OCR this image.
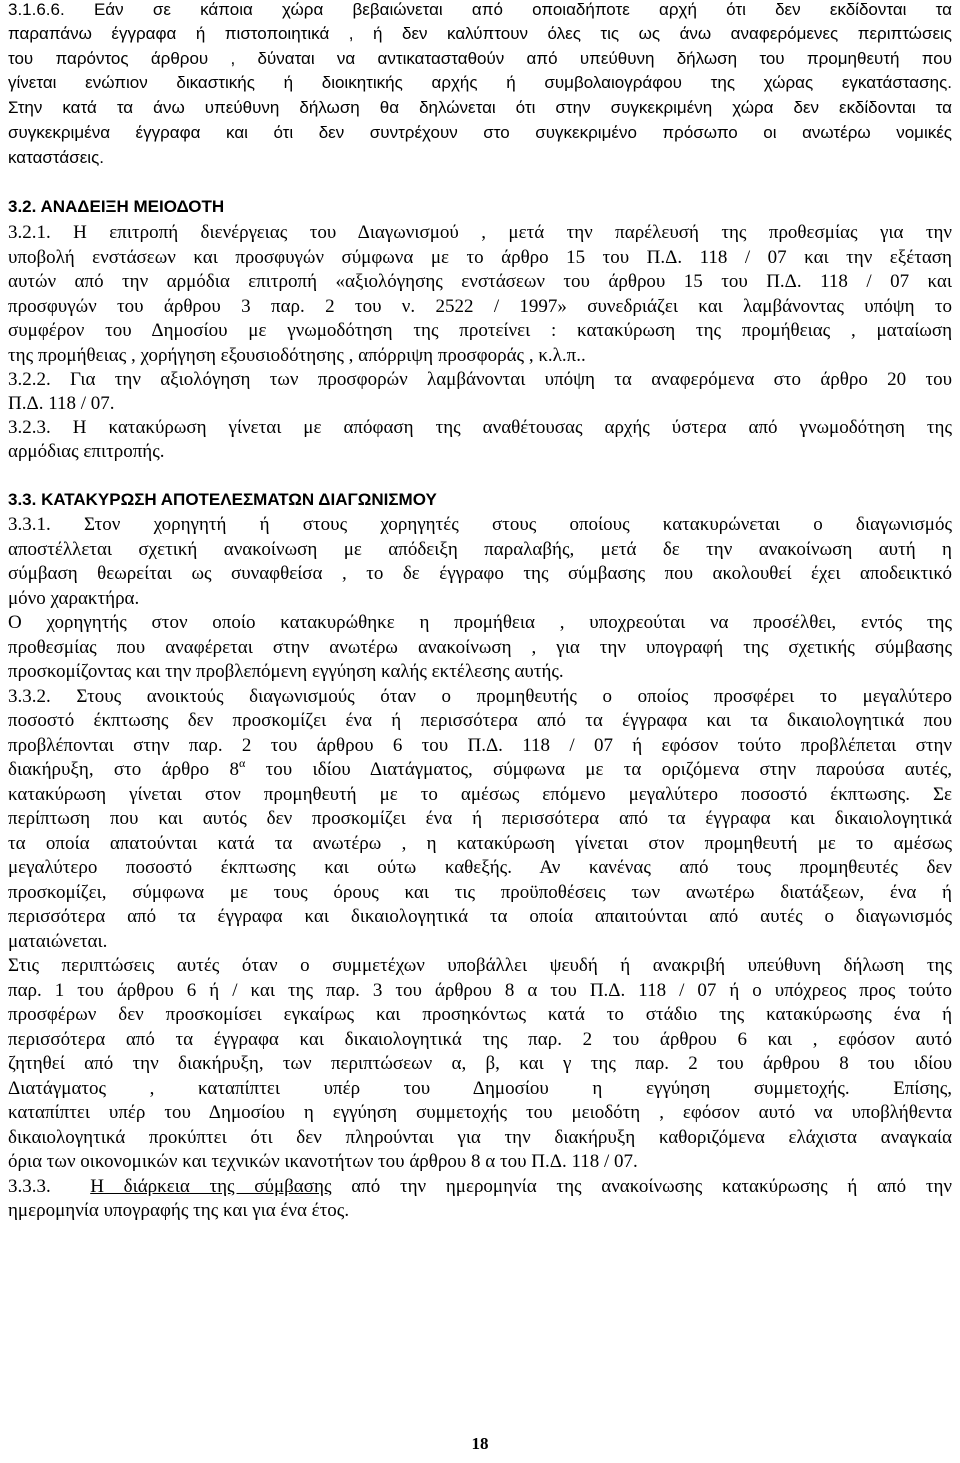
3.1.6.6. Εάν σε κάποια χώρα βεβαιώνεται από οποιαδήποτε αρχή ότι δεν εκδίδονται τα

παραπάνω έγγραφα ή πιστοποιητικά , ή δεν καλύπτουν όλες τις ως άνω αναφερόμενες περιπτώσεις

του παρόντος άρθρου , δύναται να αντικατασταθούν από υπεύθυνη δήλωση του προμηθευτή που

γίνεται ενώπιον δικαστικής ή διοικητικής αρχής ή συμβολαιογράφου της χώρας εγκατάστασης.

Στην κατά τα άνω υπεύθυνη δήλωση θα δηλώνεται ότι στην συγκεκριμένη χώρα δεν εκδίδονται τα

συγκεκριμένα έγγραφα και ότι δεν συντρέχουν στο συγκεκριμένο πρόσωπο οι ανωτέρω νομικές

καταστάσεις.

3.2. ΑΝΑΔΕΙΞΗ ΜΕΙΟΔΟΤΗ

3.2.1. Η επιτροπή διενέργειας του Διαγωνισμού , μετά την παρέλευσή της προθεσμίας για την

υποβολή ενστάσεων και προσφυγών σύμφωνα με το άρθρο 15 του Π.Δ. 118 / 07 και την εξέταση

αυτών από την αρμόδια επιτροπή «αξιολόγησης ενστάσεων του άρθρου 15 του Π.Δ. 118 / 07 και

προσφυγών του άρθρου 3 παρ. 2 του ν. 2522 / 1997» συνεδριάζει και λαμβάνοντας υπόψη το

συμφέρον του Δημοσίου με γνωμοδότηση της προτείνει : κατακύρωση της προμήθειας , ματαίωση

της προμήθειας , χορήγηση εξουσιοδότησης , απόρριψη προσφοράς , κ.λ.π..

3.2.2. Για την αξιολόγηση των προσφορών λαμβάνονται υπόψη τα αναφερόμενα στο άρθρο 20 του

Π.Δ. 118 / 07.

3.2.3. Η κατακύρωση γίνεται με απόφαση της αναθέτουσας αρχής ύστερα από γνωμοδότηση της

αρμόδιας επιτροπής.

3.3. ΚΑΤΑΚΥΡΩΣΗ ΑΠΟΤΕΛΕΣΜΑΤΩΝ ΔΙΑΓΩΝΙΣΜΟΥ

3.3.1. Στον χορηγητή ή στους χορηγητές στους οποίους κατακυρώνεται ο διαγωνισμός

αποστέλλεται σχετική ανακοίνωση με απόδειξη παραλαβής, μετά δε την ανακοίνωση αυτή η

σύμβαση θεωρείται ως συναφθείσα , το δε έγγραφο της σύμβασης που ακολουθεί έχει αποδεικτικό

μόνο χαρακτήρα.

Ο χορηγητής στον οποίο κατακυρώθηκε η προμήθεια , υποχρεούται να προσέλθει, εντός της

προθεσμίας που αναφέρεται στην ανωτέρω ανακοίνωση , για την υπογραφή της σχετικής σύμβασης

προσκομίζοντας και την προβλεπόμενη εγγύηση καλής εκτέλεσης αυτής.

3.3.2. Στους ανοικτούς διαγωνισμούς όταν ο προμηθευτής ο οποίος προσφέρει το μεγαλύτερο

ποσοστό έκπτωσης δεν προσκομίζει ένα ή περισσότερα από τα έγγραφα και τα δικαιολογητικά που

προβλέπονται στην παρ. 2 του άρθρου 6 του Π.Δ. 118 / 07 ή εφόσον τούτο προβλέπεται στην

διακήρυξη, στο άρθρο $8^\alpha$ του ιδίου Διατάγματος, σύμφωνα με τα οριζόμενα στην παρούσα αυτές,

κατακύρωση γίνεται στον προμηθευτή με το αμέσως επόμενο μεγαλύτερο ποσοστό έκπτωσης. Σε

περίπτωση που και αυτός δεν προσκομίζει ένα ή περισσότερα από τα έγγραφα και δικαιολογητικά

τα οποία απατούνται κατά τα ανωτέρω , η κατακύρωση γίνεται στον προμηθευτή με το αμέσως

μεγαλύτερο ποσοστό έκπτωσης και ούτω καθεξής. Αν κανένας από τους προμηθευτές δεν

προσκομίζει, σύμφωνα με τους όρους και τις προϋποθέσεις των ανωτέρω διατάξεων, ένα ή

περισσότερα από τα έγγραφα και δικαιολογητικά τα οποία απαιτούνται από αυτές ο διαγωνισμός

ματαιώνεται.

Στις περιπτώσεις αυτές όταν ο συμμετέχων υποβάλλει ψευδή ή ανακριβή υπεύθυνη δήλωση της

παρ. 1 του άρθρου 6 ή / και της παρ. 3 του άρθρου 8 α του Π.Δ. 118 / 07 ή ο υπόχρεος προς τούτο

προσφέρων δεν προσκομίσει εγκαίρως και προσηκόντως κατά το στάδιο της κατακύρωσης ένα ή

περισσότερα από τα έγγραφα και δικαιολογητικά της παρ. 2 του άρθρου 6 και , εφόσον αυτό

ζητηθεί από την διακήρυξη, των περιπτώσεων α, β, και γ της παρ. 2 του άρθρου 8 του ιδίου

Διατάγματος , καταπίπτει υπέρ του Δημοσίου η εγγύηση συμμετοχής. Επίσης,

καταπίπτει υπέρ του Δημοσίου η εγγύηση συμμετοχής του μειοδότη , εφόσον αυτό να υποβλήθεντα

δικαιολογητικά προκύπτει ότι δεν πληρούνται για την διακήρυξη καθοριζόμενα ελάχιστα αναγκαία

όρια των οικονομικών και τεχνικών ικανοτήτων του άρθρου 8 α του Π.Δ. 118 / 07.

3.3.3. Η διάρκεια της σύμβασης από την ημερομηνία της ανακοίνωσης κατακύρωσης ή από την

ημερομηνία υπογραφής της και για ένα έτος.

18
